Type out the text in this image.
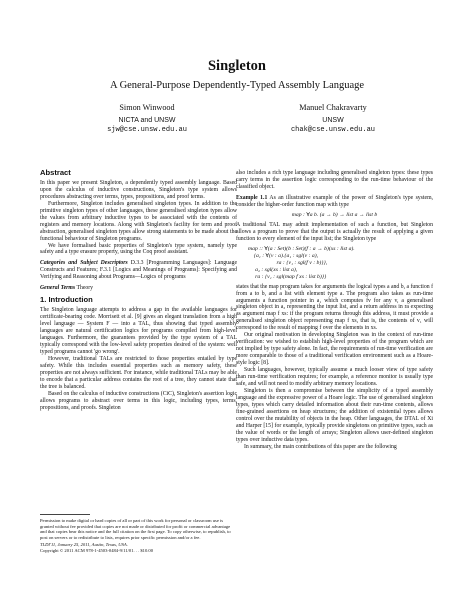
Singleton
A General-Purpose Dependently-Typed Assembly Language
Simon Winwood
NICTA and UNSW
sjw@cse.unsw.edu.au
Manuel Chakravarty
UNSW
chak@cse.unsw.edu.au
Abstract

In this paper we present Singleton, a dependently typed assembly language. Based upon the calculus of inductive constructions, Singleton's type system allows procedures abstracting over terms, types, propositions, and proof terms.

Furthermore, Singleton includes generalised singleton types. In addition to the primitive singleton types of other languages, these generalised singleton types allow the values from arbitrary inductive types to be associated with the contents of registers and memory locations. Along with Singleton's facility for term and proof abstraction, generalised singleton types allow strong statements to be made about the functional behaviour of Singleton programs.

We have formalised basic properties of Singleton's type system, namely type safety and a type erasure property, using the Coq proof assistant.

Categories and Subject Descriptors D.3.3 [Programming Languages]: Language Constructs and Features; F.3.1 [Logics and Meanings of Programs]: Specifying and Verifying and Reasoning about Programs—Logics of programs

General Terms Theory

1. Introduction

The Singleton language attempts to address a gap in the available languages for certificate-bearing code. Morrisett et al. [9] gives an elegant translation from a high level language — System F — into a TAL, thus showing that typed assembly languages are natural certification logics for programs compiled from high-level languages. Furthermore, the guarantees provided by the type system of a TAL typically correspond with the low-level safety properties desired of the system: well typed programs cannot 'go wrong'.

However, traditional TALs are restricted to those properties entailed by type safety. While this includes essential properties such as memory safety, these properties are not always sufficient. For instance, while traditional TALs may be able to encode that a particular address contains the root of a tree, they cannot state that the tree is balanced.

Based on the calculus of inductive constructions (CiC), Singleton's assertion logic allows programs to abstract over terms in this logic, including types, terms, propositions, and proofs. Singleton

Permission to make digital or hard copies of all or part of this work for personal or classroom use is granted without fee provided that copies are not made or distributed for profit or commercial advantage and that copies bear this notice and the full citation on the first page. To copy otherwise, to republish, to post on servers or to redistribute to lists, requires prior specific permission and/or a fee.
TLDI'11, January 25, 2011, Austin, Texas, USA.
Copyright © 2011 ACM 978-1-4503-0484-9/11/01. . . $10.00

also includes a rich type language including generalised singleton types: these types carry terms in the assertion logic corresponding to the run-time behaviour of the classified object.

Example 1.1 As an illustrative example of the power of Singleton's type system, consider the higher-order function map with type

map : ∀a b. (a → b) → list a → list b

A traditional TAL may admit implementation of such a function, but Singleton allows a program to prove that the output is actually the result of applying a given function to every element of the input list; the Singleton type

map :: ∀(a : Set)(b : Set)(f : a → b)(xs : list a).
{a₁ : ∀(v : a).{a₁ : sgl(v : a),
ra : {v₁ : sgl(f v : b)}},
a₂ : sgl(xs : list a),
ra : {v₁ : sgl(map f xs : list b)}}

states that the map program takes for arguments the logical types a and b, a function f from a to b, and a list with element type a. The program also takes as run-time arguments a function pointer in a₁ which computes fv for any v, a generalised singleton object in a₂ representing the input list, and a return address in ra expecting as argument map f xs: if the program returns through this address, it must provide a generalised singleton object representing map f xs, that is, the contents of v₁ will correspond to the result of mapping f over the elements in xs.

Our original motivation in developing Singleton was in the context of run-time verification: we wished to establish high-level properties of the program which are not implied by type safety alone. In fact, the requirements of run-time verification are more comparable to those of a traditional verification environment such as a Hoare-style logic [8].

Such languages, however, typically assume a much looser view of type safety than run-time verification requires; for example, a reference monitor is usually type safe, and will not need to modify arbitrary memory locations.

Singleton is then a compromise between the simplicity of a typed assembly language and the expressive power of a Hoare logic. The use of generalised singleton types, types which carry detailed information about their run-time contents, allows fine-grained assertions on heap structures; the addition of existential types allows control over the mutability of objects in the heap. Other languages, the DTAL of Xi and Harper [15] for example, typically provide singletons on primitive types, such as the value of words or the length of arrays; Singleton allows user-defined singleton types over inductive data types.

In summary, the main contributions of this paper are the following
